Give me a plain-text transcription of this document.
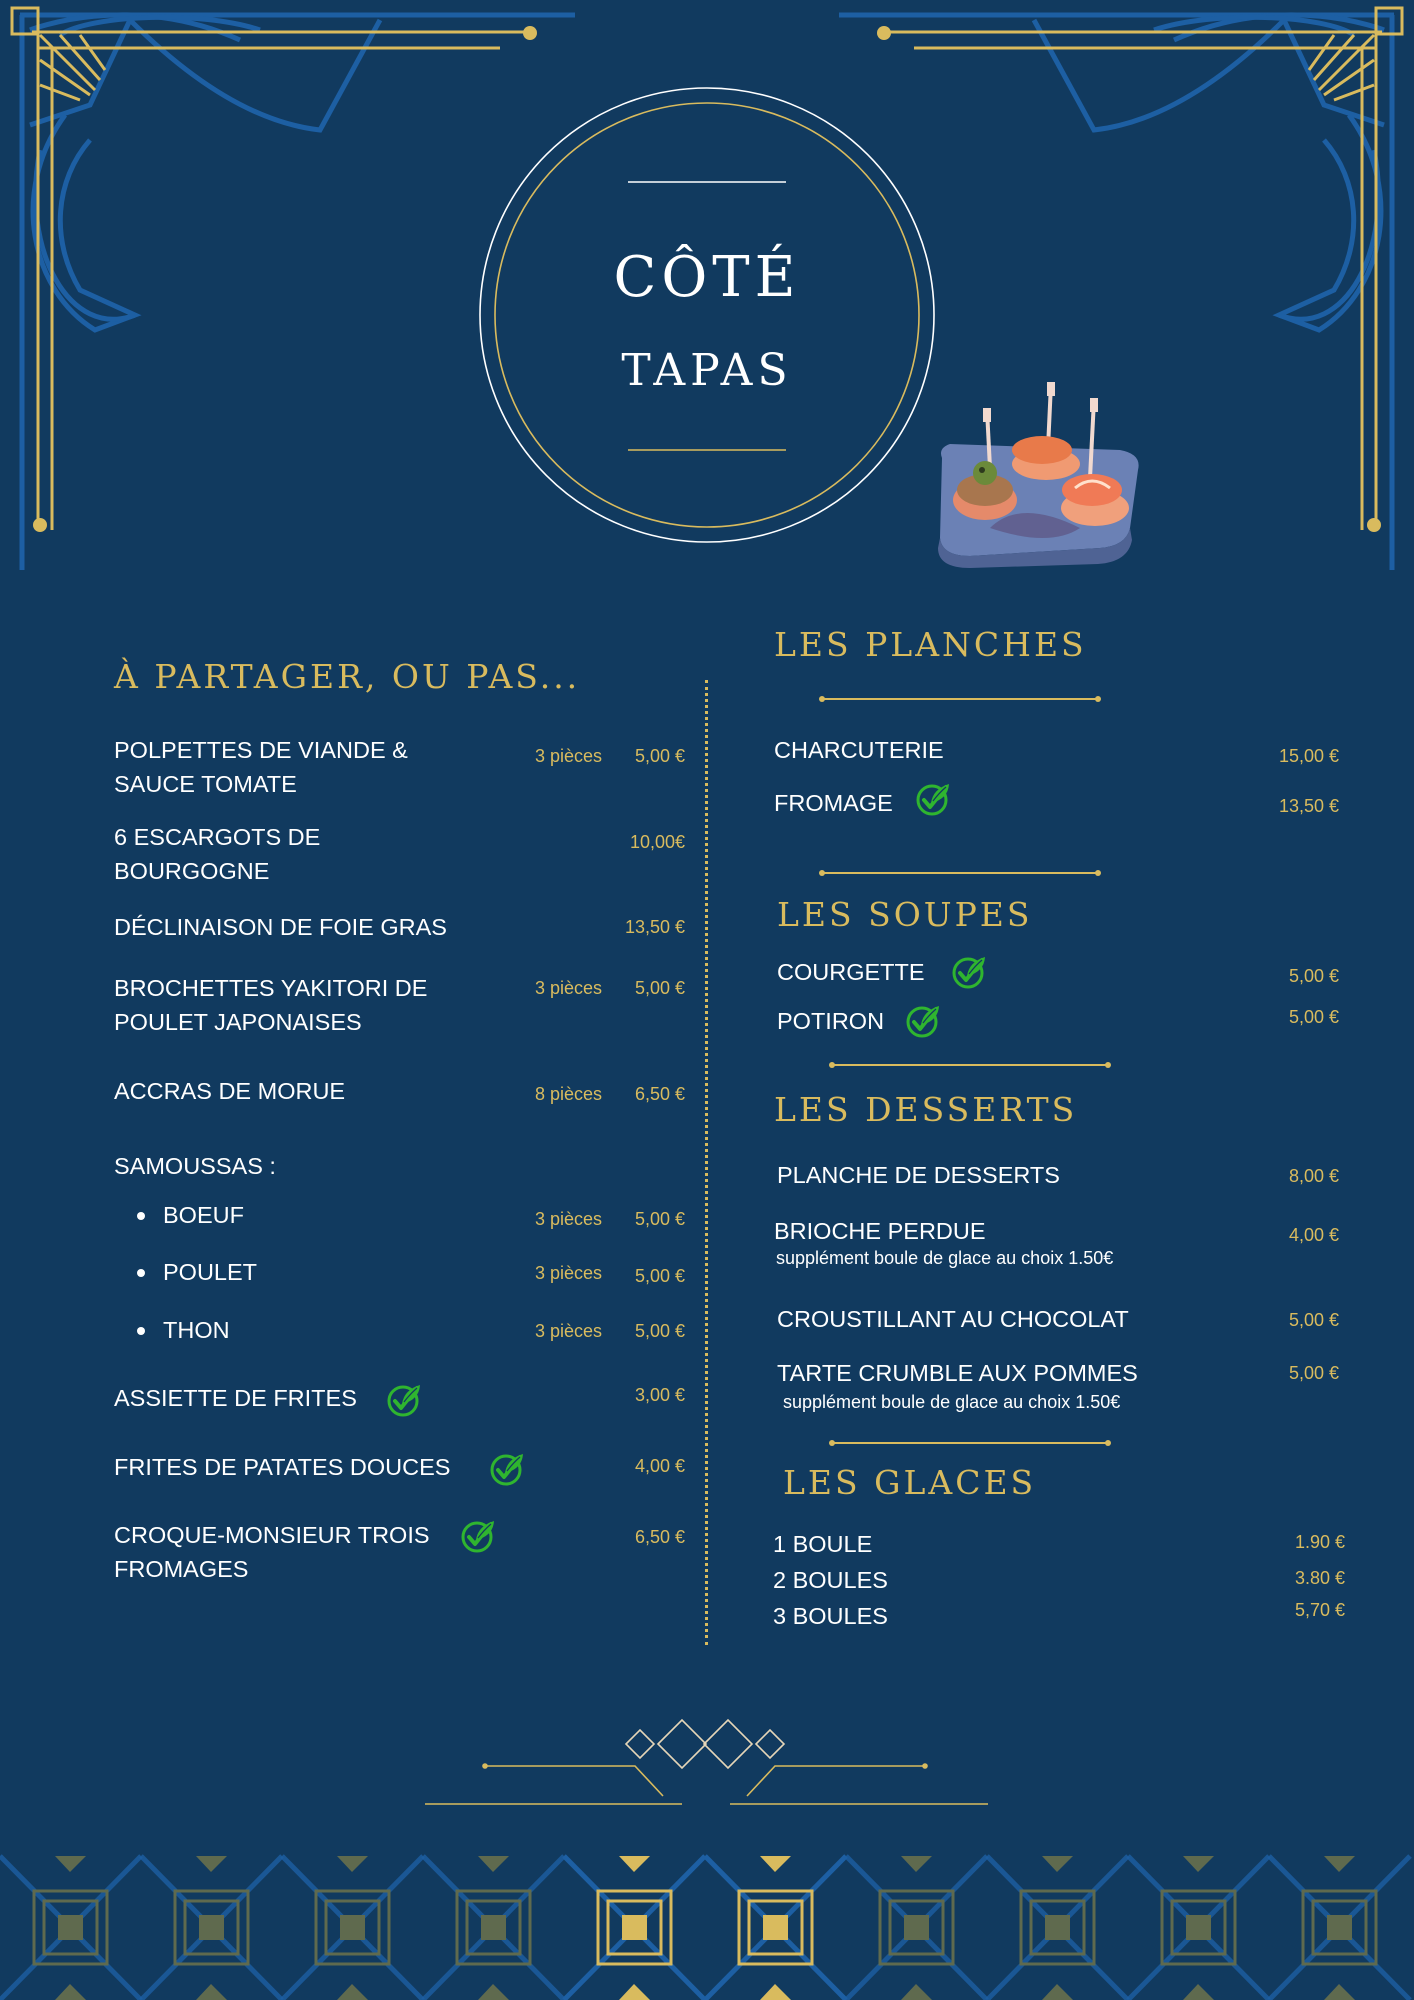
CÔTÉ
TAPAS
À PARTAGER, OU PAS...
POLPETTES DE VIANDE &
SAUCE TOMATE
3 pièces 5,00 €
6 ESCARGOTS DE
BOURGOGNE
10,00€
DÉCLINAISON DE FOIE GRAS	13,50 €
BROCHETTES YAKITORI DE
POULET JAPONAISES
3 pièces 5,00 €
ACCRAS DE MORUE	8 pièces 6,50 €
SAMOUSSAS :
BOEUF	3 pièces 5,00 €
POULET	3 pièces 5,00 €
THON	3 pièces 5,00 €
ASSIETTE DE FRITES	3,00 €
FRITES DE PATATES DOUCES	4,00 €
CROQUE-MONSIEUR TROIS
FROMAGES
6,50 €
LES PLANCHES
CHARCUTERIE	15,00 €
FROMAGE	13,50 €
LES SOUPES
COURGETTE	5,00 €
POTIRON	5,00 €
LES DESSERTS
PLANCHE DE DESSERTS	8,00 €
BRIOCHE PERDUE
supplément boule de glace au choix 1.50€
4,00 €
CROUSTILLANT AU CHOCOLAT	5,00 €
TARTE CRUMBLE AUX POMMES
supplément boule de glace au choix 1.50€
5,00 €
LES GLACES
1 BOULE	1.90 €
2 BOULES	3.80 €
3 BOULES	5,70 €
